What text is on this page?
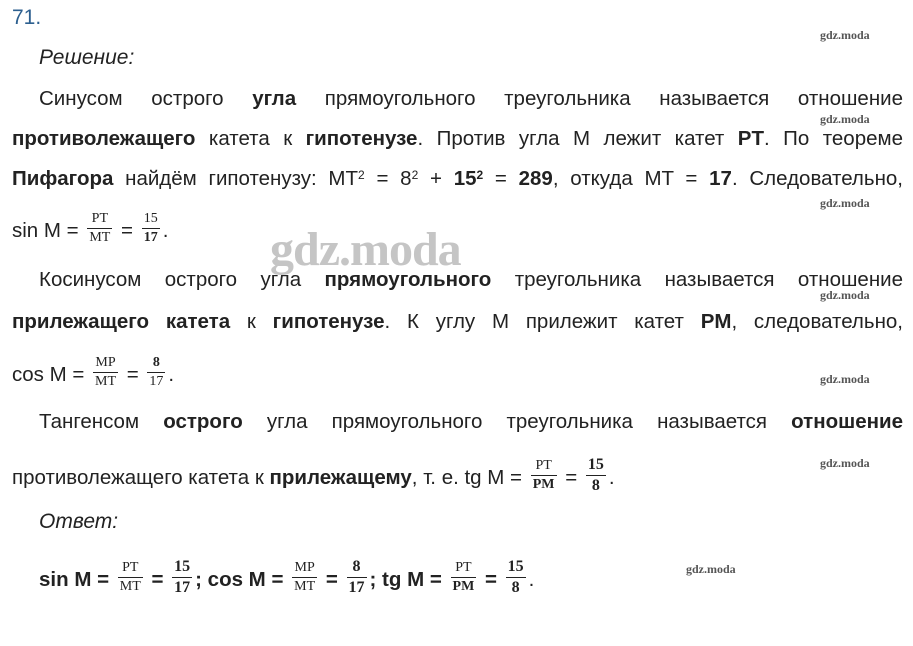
71.
Решение:
gdz.moda
gdz.moda
gdz.moda
gdz.moda
gdz.moda
gdz.moda
gdz.moda
gdz.moda
Синусом острого угла прямоугольного треугольника называется отношение
противолежащего катета к гипотенузе. Против угла M лежит катет PT. По теореме
Пифагора найдём гипотенузу: $MT^2 = 8^2 + 15^2 = 289$, откуда MT = 17. Следовательно,
$\sin M = \frac{PT}{MT} = \frac{15}{17}$ .
Косинусом острого угла прямоугольного треугольника называется отношение
прилежащего катета к гипотенузе. К углу M прилежит катет PM, следовательно,
$\cos M = \frac{MP}{MT} = \frac{8}{17}$ .
Тангенсом острого угла прямоугольного треугольника называется отношение
противолежащего катета к прилежащему, т. е. tg $M = \frac{PT}{PM} = \frac{15}{8}$ .
Ответ:
$\sin M = \frac{PT}{MT} = \frac{15}{17}$ ; $\cos M = \frac{MP}{MT} = \frac{8}{17}$ ; tg $M = \frac{PT}{PM} = \frac{15}{8}$ .
